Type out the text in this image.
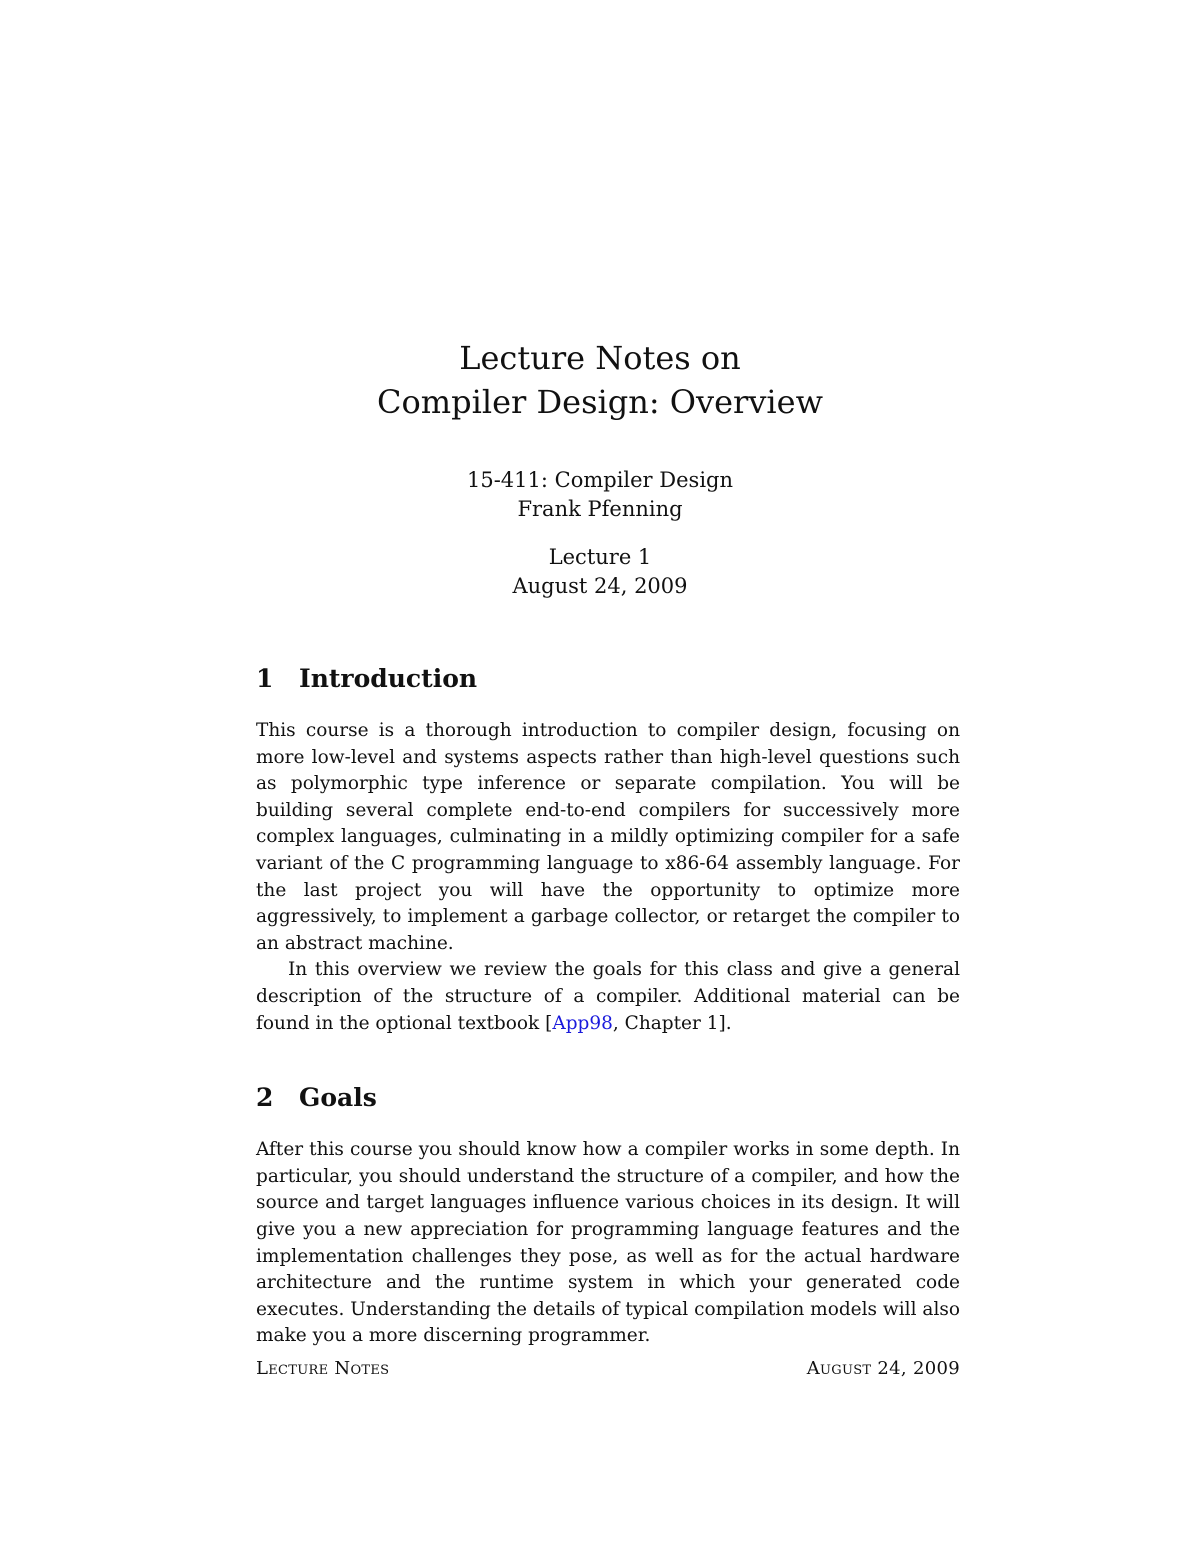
Lecture Notes on
Compiler Design: Overview
15-411: Compiler Design
Frank Pfenning
Lecture 1
August 24, 2009
1	Introduction

This course is a thorough introduction to compiler design, focusing on more low-level and systems aspects rather than high-level questions such as polymorphic type inference or separate compilation. You will be building several complete end-to-end compilers for successively more complex languages, culminating in a mildly optimizing compiler for a safe variant of the C programming language to x86-64 assembly language. For the last project you will have the opportunity to optimize more aggressively, to implement a garbage collector, or retarget the compiler to an abstract machine.

In this overview we review the goals for this class and give a general description of the structure of a compiler. Additional material can be found in the optional textbook [App98, Chapter 1].

2	Goals

After this course you should know how a compiler works in some depth. In particular, you should understand the structure of a compiler, and how the source and target languages influence various choices in its design. It will give you a new appreciation for programming language features and the implementation challenges they pose, as well as for the actual hardware architecture and the runtime system in which your generated code executes. Understanding the details of typical compilation models will also make you a more discerning programmer.

Lecture Notes	August 24, 2009
